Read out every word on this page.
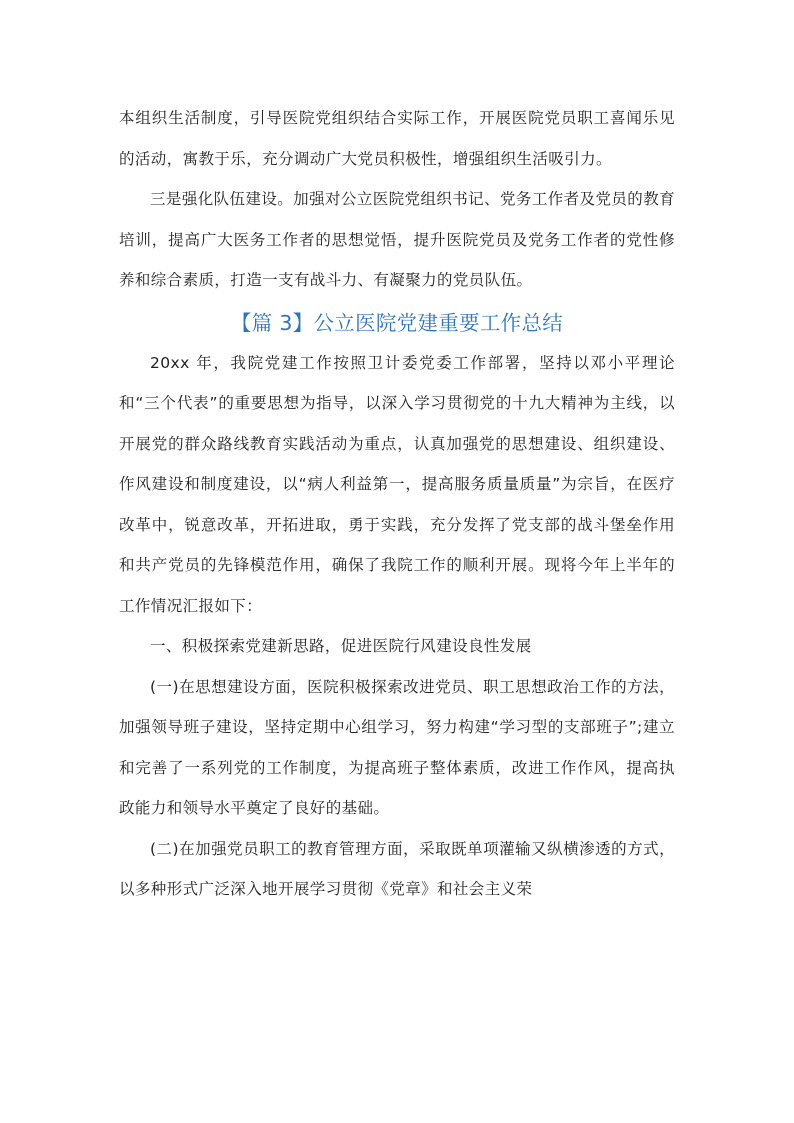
本组织生活制度，引导医院党组织结合实际工作，开展医院党员职工喜闻乐见的活动，寓教于乐，充分调动广大党员积极性，增强组织生活吸引力。

三是强化队伍建设。加强对公立医院党组织书记、党务工作者及党员的教育培训，提高广大医务工作者的思想觉悟，提升医院党员及党务工作者的党性修养和综合素质，打造一支有战斗力、有凝聚力的党员队伍。

【篇 3】公立医院党建重要工作总结

20xx 年，我院党建工作按照卫计委党委工作部署，坚持以邓小平理论和“三个代表”的重要思想为指导，以深入学习贯彻党的十九大精神为主线，以开展党的群众路线教育实践活动为重点，认真加强党的思想建设、组织建设、作风建设和制度建设，以“病人利益第一，提高服务质量质量”为宗旨，在医疗改革中，锐意改革，开拓进取，勇于实践，充分发挥了党支部的战斗堡垒作用和共产党员的先锋模范作用，确保了我院工作的顺利开展。现将今年上半年的工作情况汇报如下：

一、积极探索党建新思路，促进医院行风建设良性发展

(一)在思想建设方面，医院积极探索改进党员、职工思想政治工作的方法，加强领导班子建设，坚持定期中心组学习，努力构建“学习型的支部班子”;建立和完善了一系列党的工作制度，为提高班子整体素质，改进工作作风，提高执政能力和领导水平奠定了良好的基础。

(二)在加强党员职工的教育管理方面，采取既单项灌输又纵横渗透的方式，以多种形式广泛深入地开展学习贯彻《党章》和社会主义荣
